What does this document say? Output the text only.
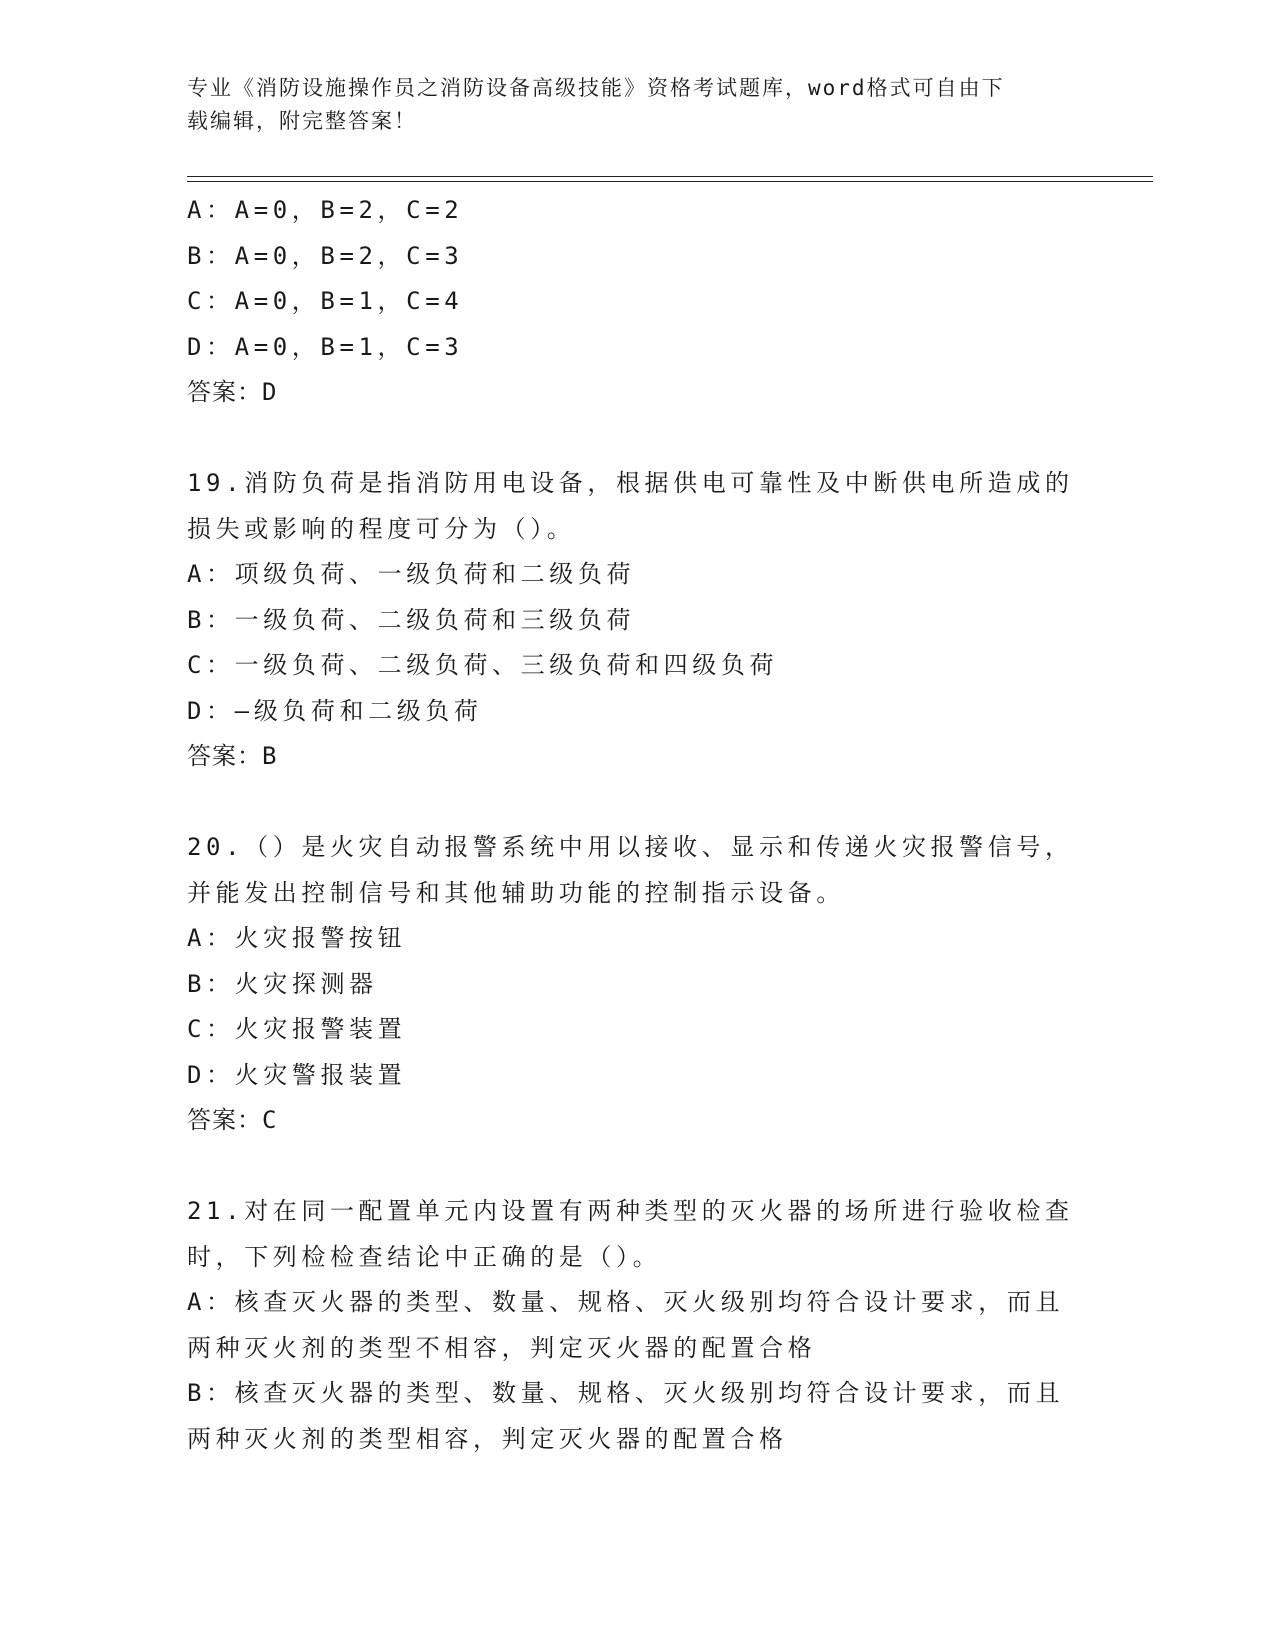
专业《消防设施操作员之消防设备高级技能》资格考试题库，word格式可自由下
载编辑，附完整答案！
A：A=0，B=2，C=2
B：A=0，B=2，C=3
C：A=0，B=1，C=4
D：A=0，B=1，C=3
答案：D
19.消防负荷是指消防用电设备，根据供电可靠性及中断供电所造成的
损失或影响的程度可分为（）。
A：项级负荷、一级负荷和二级负荷
B：一级负荷、二级负荷和三级负荷
C：一级负荷、二级负荷、三级负荷和四级负荷
D：—级负荷和二级负荷
答案：B
20.（）是火灾自动报警系统中用以接收、显示和传递火灾报警信号，
并能发出控制信号和其他辅助功能的控制指示设备。
A：火灾报警按钮
B：火灾探测器
C：火灾报警装置
D：火灾警报装置
答案：C
21.对在同一配置单元内设置有两种类型的灭火器的场所进行验收检查
时，下列检检查结论中正确的是（）。
A：核查灭火器的类型、数量、规格、灭火级别均符合设计要求，而且
两种灭火剂的类型不相容，判定灭火器的配置合格
B：核查灭火器的类型、数量、规格、灭火级别均符合设计要求，而且
两种灭火剂的类型相容，判定灭火器的配置合格
